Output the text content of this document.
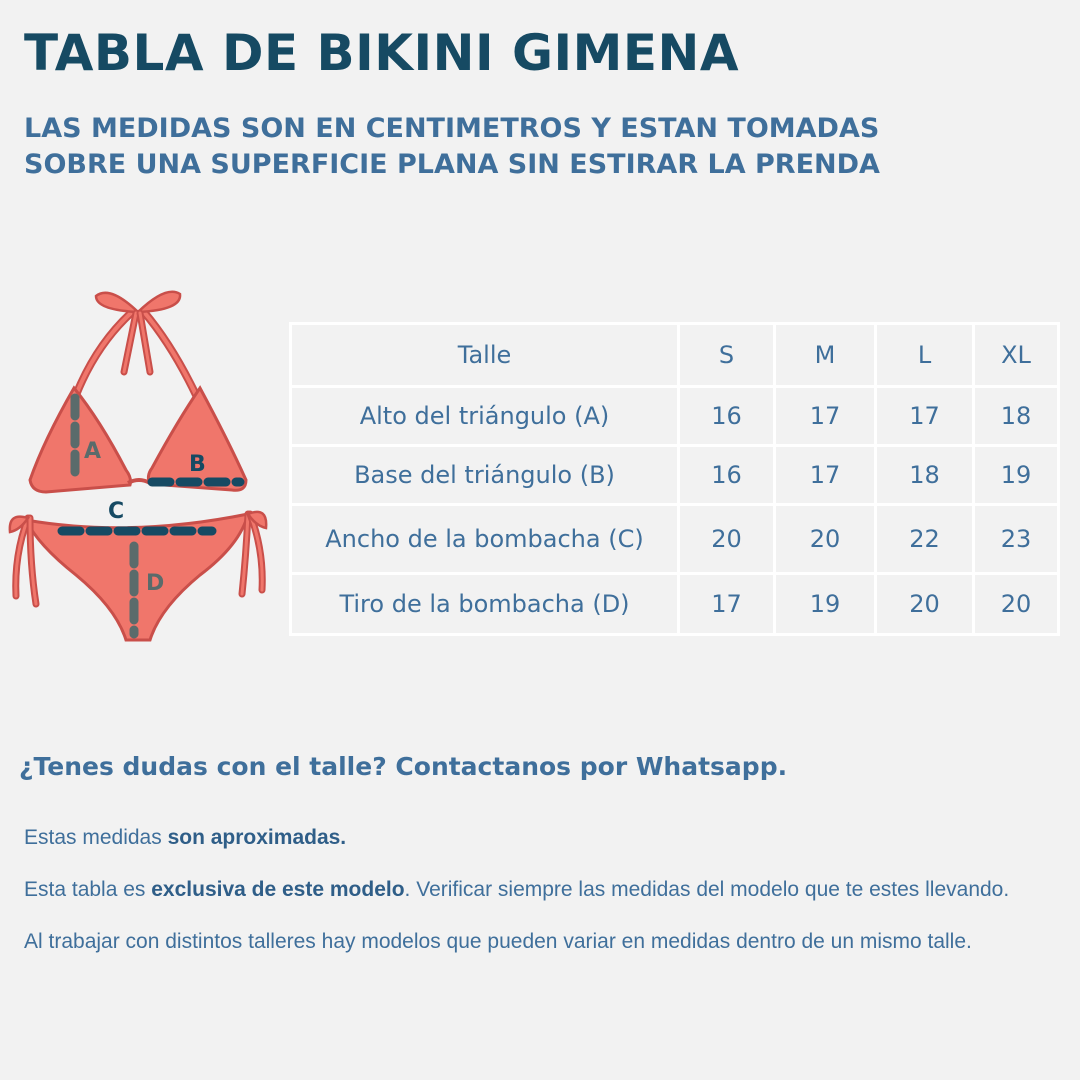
TABLA DE BIKINI GIMENA
LAS MEDIDAS SON EN CENTIMETROS Y ESTAN TOMADAS
SOBRE UNA SUPERFICIE PLANA SIN ESTIRAR LA PRENDA
A
B
C
D
Talle	S	M	L	XL
Alto del triángulo (A)	16	17	17	18
Base del triángulo (B)	16	17	18	19
Ancho de la bombacha (C)	20	20	22	23
Tiro de la bombacha (D)	17	19	20	20

¿Tenes dudas con el talle? Contactanos por Whatsapp.

Estas medidas son aproximadas.

Esta tabla es exclusiva de este modelo. Verificar siempre las medidas del modelo que te estes llevando.

Al trabajar con distintos talleres hay modelos que pueden variar en medidas dentro de un mismo talle.
